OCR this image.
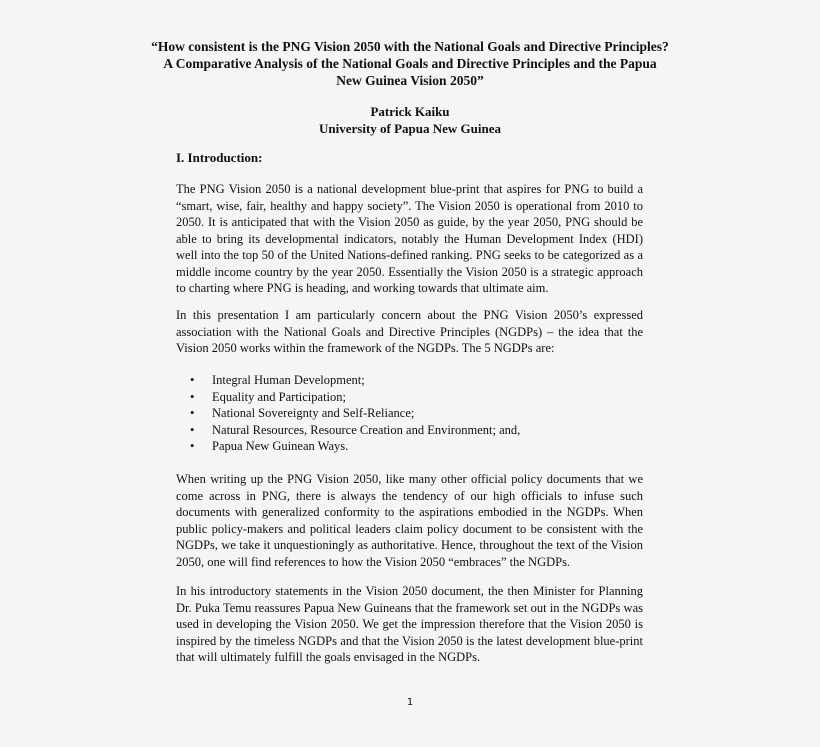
“How consistent is the PNG Vision 2050 with the National Goals and Directive Principles?
A Comparative Analysis of the National Goals and Directive Principles and the Papua New Guinea Vision 2050”
Patrick Kaiku
University of Papua New Guinea
I. Introduction:

The PNG Vision 2050 is a national development blue-print that aspires for PNG to build a “smart, wise, fair, healthy and happy society”. The Vision 2050 is operational from 2010 to 2050. It is anticipated that with the Vision 2050 as guide, by the year 2050, PNG should be able to bring its developmental indicators, notably the Human Development Index (HDI) well into the top 50 of the United Nations-defined ranking. PNG seeks to be categorized as a middle income country by the year 2050. Essentially the Vision 2050 is a strategic approach to charting where PNG is heading, and working towards that ultimate aim.

In this presentation I am particularly concern about the PNG Vision 2050’s expressed association with the National Goals and Directive Principles (NGDPs) – the idea that the Vision 2050 works within the framework of the NGDPs. The 5 NGDPs are:

• Integral Human Development;
• Equality and Participation;
• National Sovereignty and Self-Reliance;
• Natural Resources, Resource Creation and Environment; and,
• Papua New Guinean Ways.

When writing up the PNG Vision 2050, like many other official policy documents that we come across in PNG, there is always the tendency of our high officials to infuse such documents with generalized conformity to the aspirations embodied in the NGDPs. When public policy-makers and political leaders claim policy document to be consistent with the NGDPs, we take it unquestioningly as authoritative. Hence, throughout the text of the Vision 2050, one will find references to how the Vision 2050 “embraces” the NGDPs.

In his introductory statements in the Vision 2050 document, the then Minister for Planning Dr. Puka Temu reassures Papua New Guineans that the framework set out in the NGDPs was used in developing the Vision 2050. We get the impression therefore that the Vision 2050 is inspired by the timeless NGDPs and that the Vision 2050 is the latest development blue-print that will ultimately fulfill the goals envisaged in the NGDPs.

1
